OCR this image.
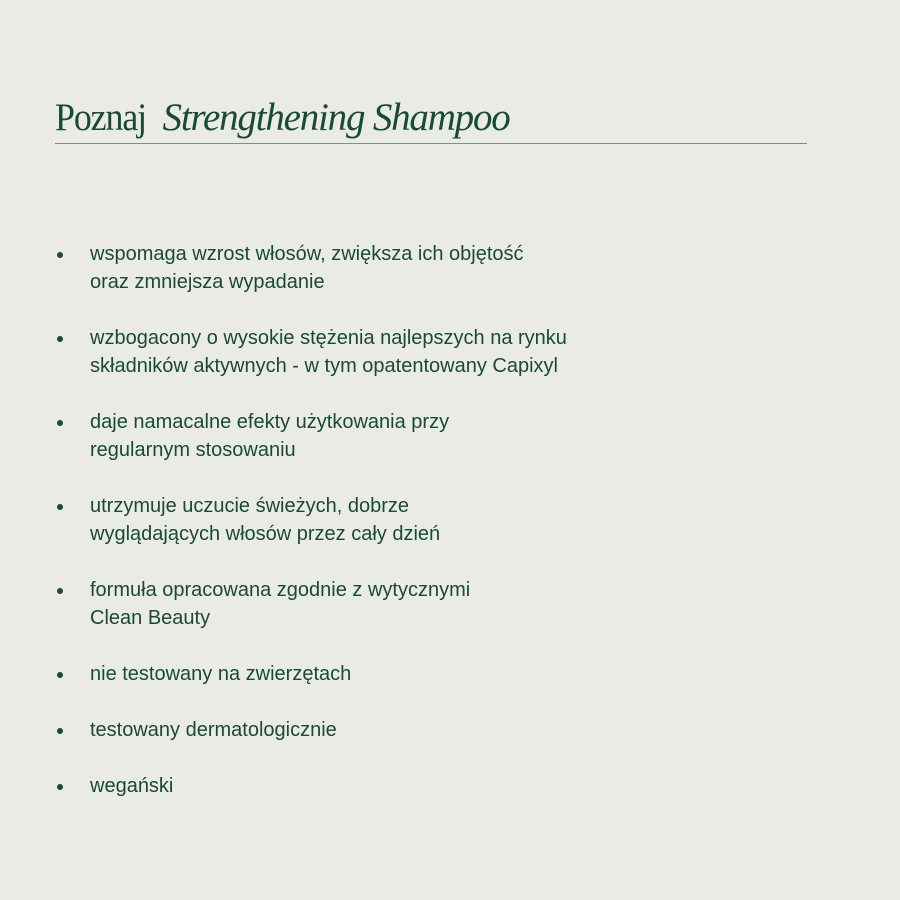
Poznaj Strengthening Shampoo
wspomaga wzrost włosów, zwiększa ich objętość
oraz zmniejsza wypadanie
wzbogacony o wysokie stężenia najlepszych na rynku
składników aktywnych - w tym opatentowany Capixyl
daje namacalne efekty użytkowania przy
regularnym stosowaniu
utrzymuje uczucie świeżych, dobrze
wyglądających włosów przez cały dzień
formuła opracowana zgodnie z wytycznymi
Clean Beauty
nie testowany na zwierzętach
testowany dermatologicznie
wegański
